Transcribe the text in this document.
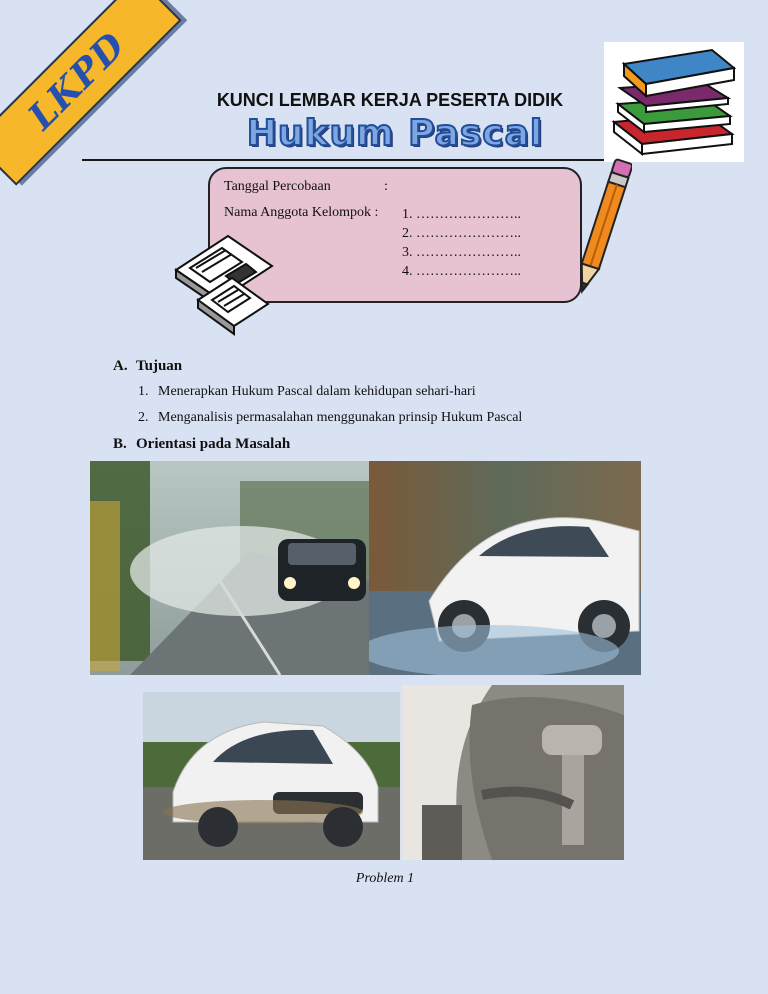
LKPD	KUNCI LEMBAR KERJA PESERTA DIDIK
Hukum Pascal
Tanggal Percobaan	:
Nama Anggota Kelompok : 1. …………………..
2. …………………..
3. …………………..
4. …………………..
A. Tujuan
1. Menerapkan Hukum Pascal dalam kehidupan sehari-hari
2. Menganalisis permasalahan menggunakan prinsip Hukum Pascal
B. Orientasi pada Masalah
Problem 1
